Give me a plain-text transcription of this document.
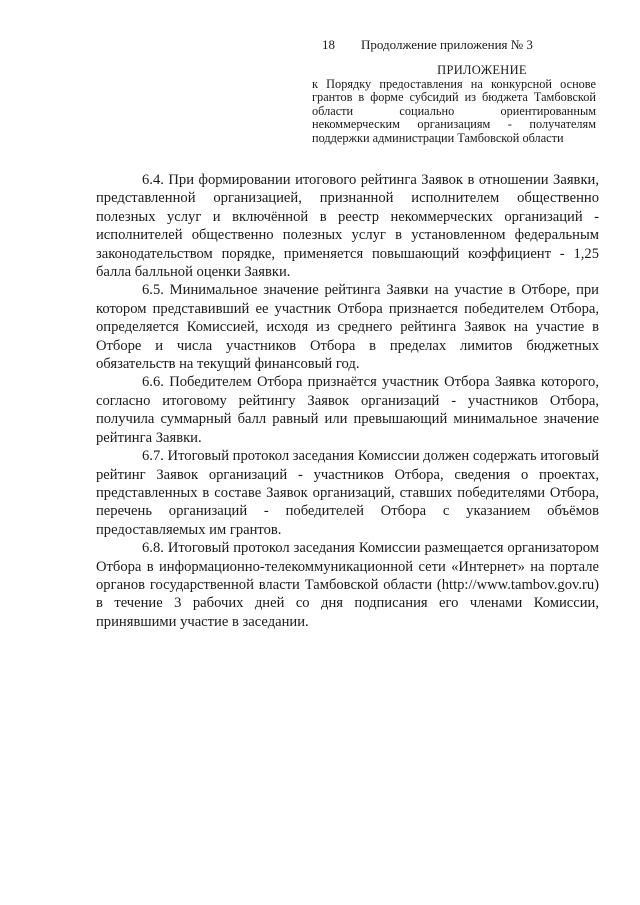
18 Продолжение приложения № 3
ПРИЛОЖЕНИЕ
к Порядку предоставления на конкурсной основе грантов в форме субсидий из бюджета Тамбовской области социально ориентированным некоммерческим организациям - получателям поддержки администрации Тамбовской области

6.4. При формировании итогового рейтинга Заявок в отношении Заявки, представленной организацией, признанной исполнителем общественно полезных услуг и включённой в реестр некоммерческих организаций - исполнителей общественно полезных услуг в установленном федеральным законодательством порядке, применяется повышающий коэффициент - 1,25 балла балльной оценки Заявки.

6.5. Минимальное значение рейтинга Заявки на участие в Отборе, при котором представивший ее участник Отбора признается победителем Отбора, определяется Комиссией, исходя из среднего рейтинга Заявок на участие в Отборе и числа участников Отбора в пределах лимитов бюджетных обязательств на текущий финансовый год.

6.6. Победителем Отбора признаётся участник Отбора Заявка которого, согласно итоговому рейтингу Заявок организаций - участников Отбора, получила суммарный балл равный или превышающий минимальное значение рейтинга Заявки.

6.7. Итоговый протокол заседания Комиссии должен содержать итоговый рейтинг Заявок организаций - участников Отбора, сведения о проектах, представленных в составе Заявок организаций, ставших победителями Отбора, перечень организаций - победителей Отбора с указанием объёмов предоставляемых им грантов.

6.8. Итоговый протокол заседания Комиссии размещается организатором Отбора в информационно-телекоммуникационной сети «Интернет» на портале органов государственной власти Тамбовской области (http://www.tambov.gov.ru) в течение 3 рабочих дней со дня подписания его членами Комиссии, принявшими участие в заседании.
